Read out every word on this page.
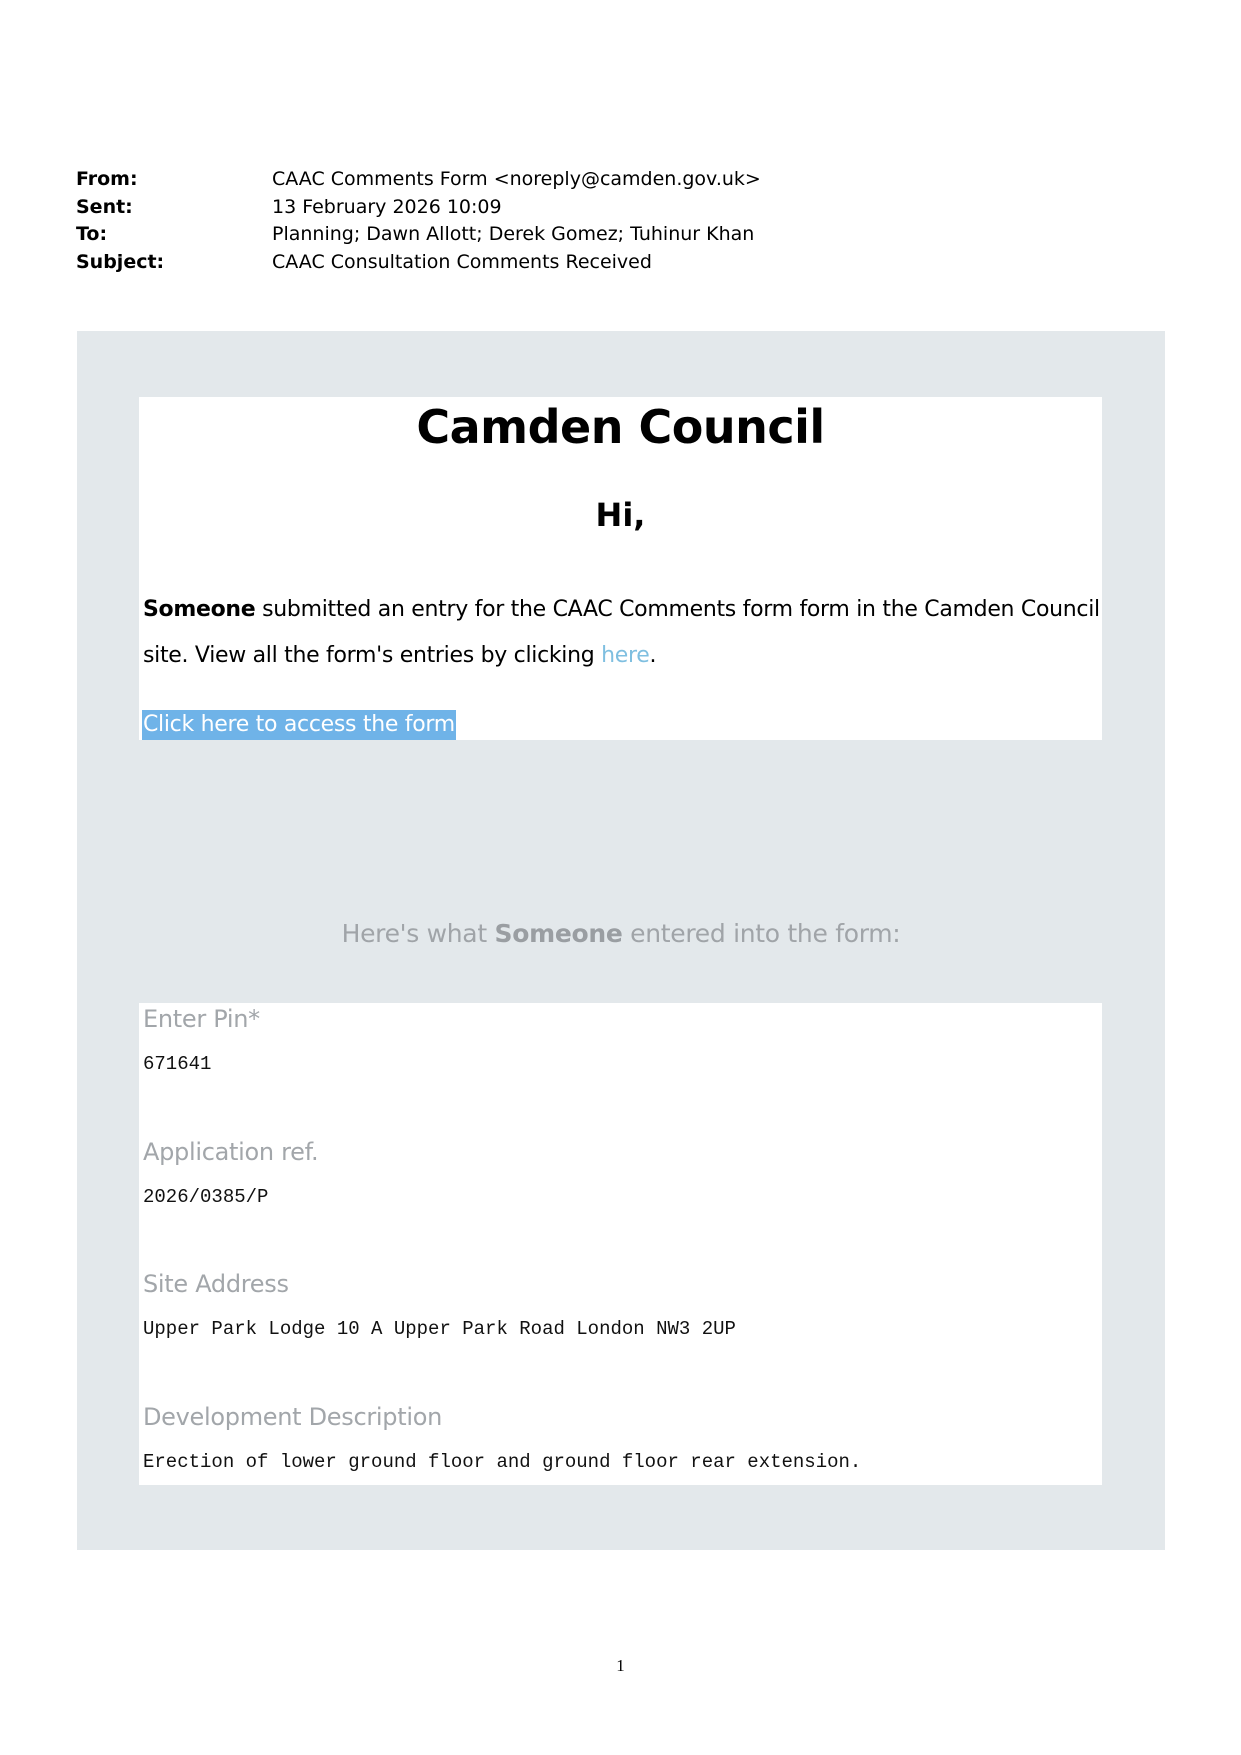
From:	CAAC Comments Form <noreply@camden.gov.uk>
Sent:	13 February 2026 10:09
To:	Planning; Dawn Allott; Derek Gomez; Tuhinur Khan
Subject:	CAAC Consultation Comments Received
Camden Council
Hi,
Someone submitted an entry for the CAAC Comments form form in the Camden Council site. View all the form's entries by clicking here.
Click here to access the form
Here's what Someone entered into the form:
Enter Pin*
671641
Application ref.
2026/0385/P
Site Address
Upper Park Lodge 10 A Upper Park Road London NW3 2UP
Development Description
Erection of lower ground floor and ground floor rear extension.
1
